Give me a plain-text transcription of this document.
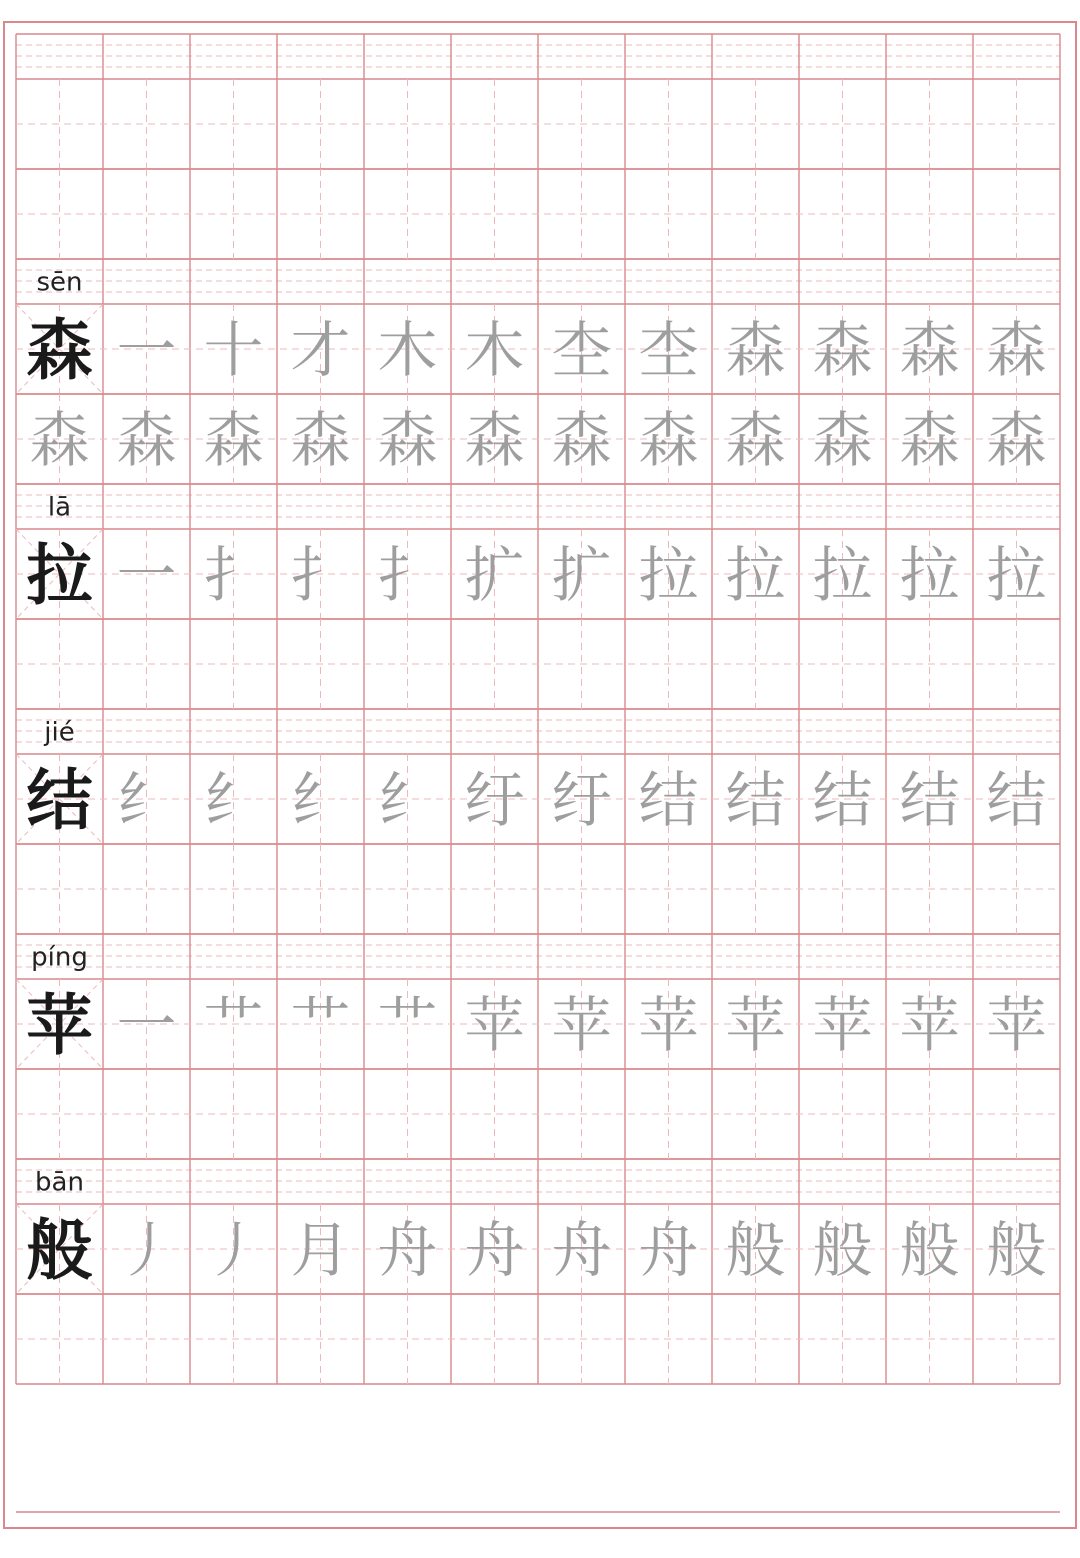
sēn
森 一 十 才 木 木 杢 杢 森 森 森 森
森 森 森 森 森 森 森 森 森 森 森 森
lā
拉 一 扌 扌 扌 扩 扩 拉 拉 拉 拉 拉
jié
结 纟 纟 纟 纟 纡 纡 结 结 结 结 结
píng
苹 一 艹 艹 艹 苹 苹 苹 苹 苹 苹 苹
bān
般 丿 丿 月 舟 舟 舟 舟 般 般 般 般
